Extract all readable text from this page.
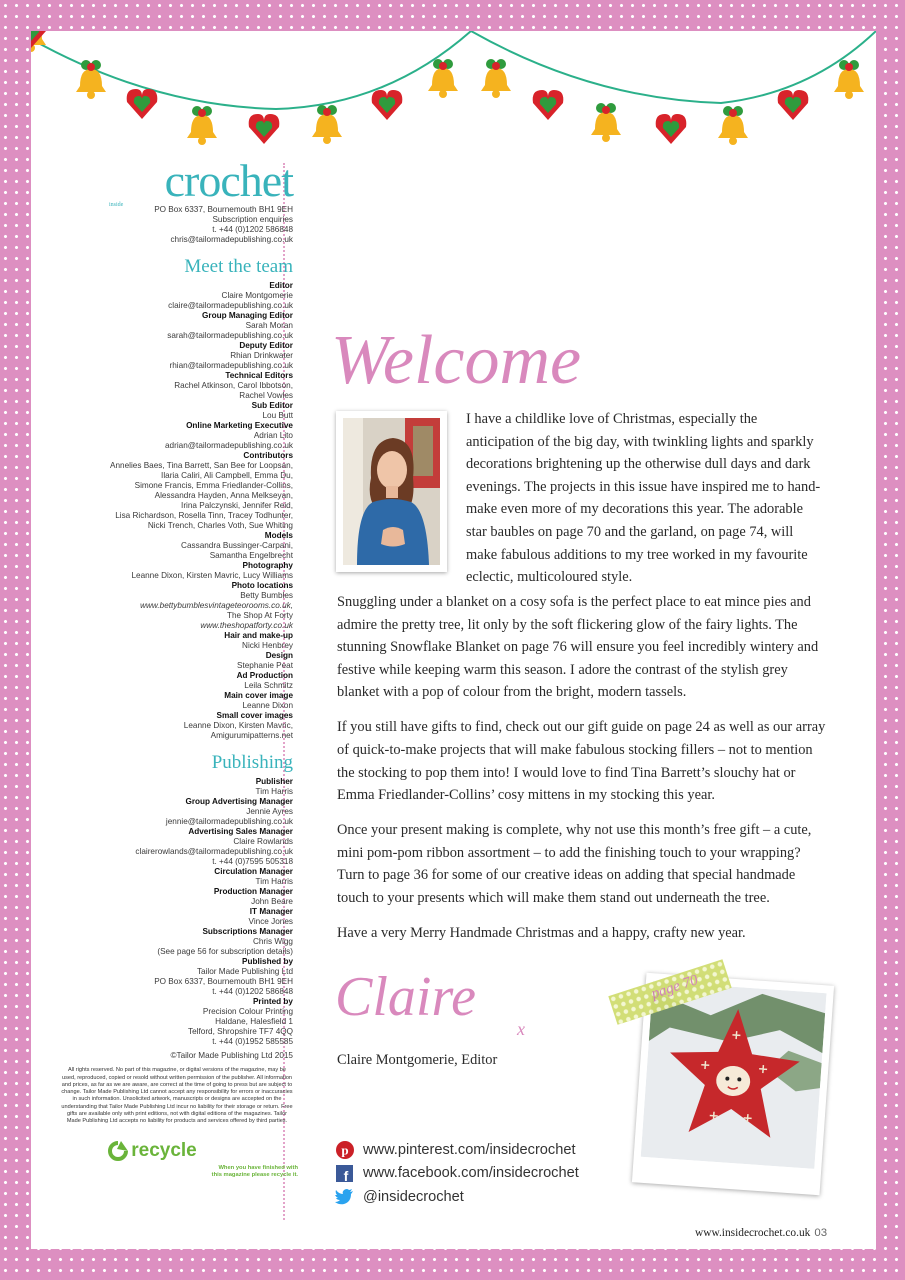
inside crochet
PO Box 6337, Bournemouth BH1 9EH
Subscription enquiries
t. +44 (0)1202 586848
chris@tailormadepublishing.co.uk
Meet the team
Editor
Claire Montgomerie
claire@tailormadepublishing.co.uk
Group Managing Editor
Sarah Moran
sarah@tailormadepublishing.co.uk
Deputy Editor
Rhian Drinkwater
rhian@tailormadepublishing.co.uk
Technical Editors
Rachel Atkinson, Carol Ibbotson,
Rachel Vowles
Sub Editor
Lou Butt
Online Marketing Executive
Adrian Lito
adrian@tailormadepublishing.co.uk
Contributors
Annelies Baes, Tina Barrett, San Bee for Loopsan,
Ilaria Caliri, Ali Campbell, Emma Du,
Simone Francis, Emma Friedlander-Collins,
Alessandra Hayden, Anna Melkseyan,
Irina Palczynski, Jennifer Reid,
Lisa Richardson, Rosella Tinn, Tracey Todhunter,
Nicki Trench, Charles Voth, Sue Whiting
Models
Cassandra Bussinger-Carpani,
Samantha Engelbrecht
Photography
Leanne Dixon, Kirsten Mavric, Lucy Williams
Photo locations
Betty Bumbles
www.bettybumblesvintageteorooms.co.uk,
The Shop At Forty
www.theshopatforty.co.uk
Hair and make-up
Nicki Henbrey
Design
Stephanie Peat
Ad Production
Leila Schmitz
Main cover image
Leanne Dixon
Small cover images
Leanne Dixon, Kirsten Mavric,
Amigurumipatterns.net
Publishing
Publisher
Tim Harris
Group Advertising Manager
Jennie Ayres
jennie@tailormadepublishing.co.uk
Advertising Sales Manager
Claire Rowlands
clairerowlands@tailormadepublishing.co.uk
t. +44 (0)7595 505318
Circulation Manager
Tim Harris
Production Manager
John Beare
IT Manager
Vince Jones
Subscriptions Manager
Chris Wigg
(See page 56 for subscription details)
Published by
Tailor Made Publishing Ltd
PO Box 6337, Bournemouth BH1 9EH
t. +44 (0)1202 586848
Printed by
Precision Colour Printing
Haldane, Halesfield 1
Telford, Shropshire TF7 4QQ
t. +44 (0)1952 585585
©Tailor Made Publishing Ltd 2015
All rights reserved. No part of this magazine, or digital versions of the magazine, may be used, reproduced, copied or resold without written permission of the publisher. All information and prices, as far as we are aware, are correct at the time of going to press but are subject to change. Tailor Made Publishing Ltd cannot accept any responsibility for errors or inaccuracies in such information. Unsolicited artwork, manuscripts or designs are accepted on the understanding that Tailor Made Publishing Ltd incur no liability for their storage or return. Free gifts are available only with print editions, not with digital editions of the magazines. Tailor Made Publishing Ltd accepts no liability for products and services offered by third parties.
recycle
When you have finished with
this magazine please recycle it.
Welcome

I have a childlike love of Christmas, especially the anticipation of the big day, with twinkling lights and sparkly decorations brightening up the otherwise dull days and dark evenings. The projects in this issue have inspired me to hand-make even more of my decorations this year. The adorable star baubles on page 70 and the garland, on page 74, will make fabulous additions to my tree worked in my favourite eclectic, multicoloured style.

Snuggling under a blanket on a cosy sofa is the perfect place to eat mince pies and admire the pretty tree, lit only by the soft flickering glow of the fairy lights. The stunning Snowflake Blanket on page 76 will ensure you feel incredibly wintery and festive while keeping warm this season. I adore the contrast of the stylish grey blanket with a pop of colour from the bright, modern tassels.

If you still have gifts to find, check out our gift guide on page 24 as well as our array of quick-to-make projects that will make fabulous stocking fillers – not to mention the stocking to pop them into! I would love to find Tina Barrett’s slouchy hat or Emma Friedlander-Collins’ cosy mittens in my stocking this year.

Once your present making is complete, why not use this month’s free gift – a cute, mini pom-pom ribbon assortment – to add the finishing touch to your wrapping? Turn to page 36 for some of our creative ideas on adding that special handmade touch to your presents which will make them stand out underneath the tree.

Have a very Merry Handmade Christmas and a happy, crafty new year.

Claire
x
Claire Montgomerie, Editor
page 70
p www.pinterest.com/insidecrochet
f www.facebook.com/insidecrochet
@insidecrochet
www.insidecrochet.co.uk 03
